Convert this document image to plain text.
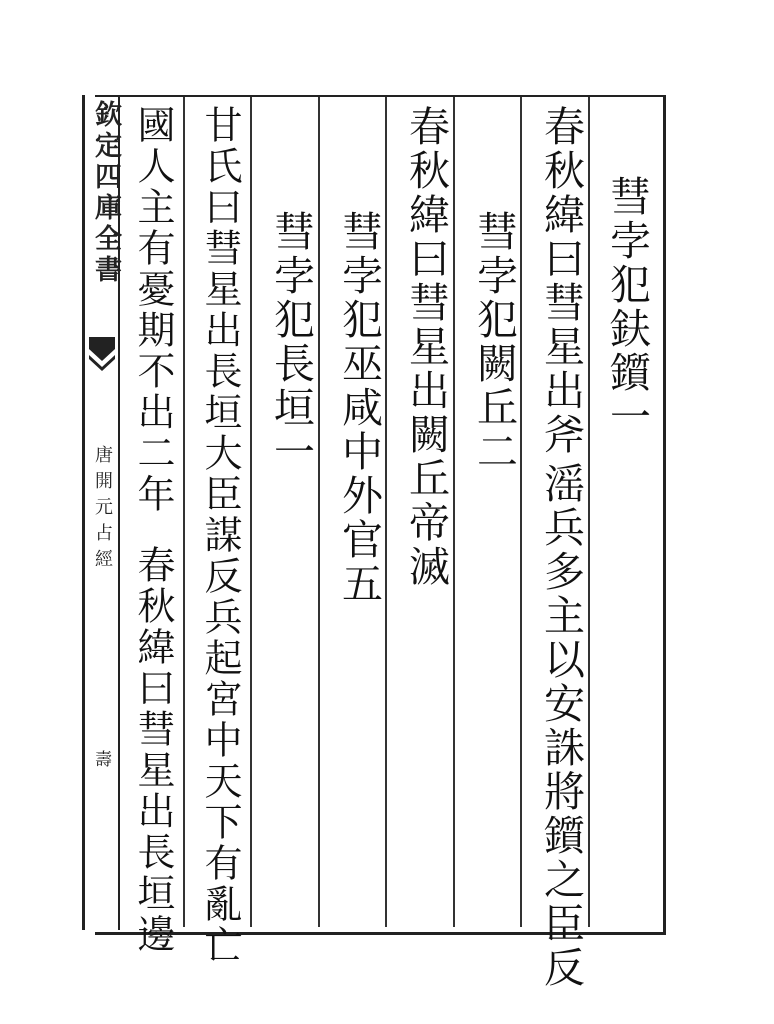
欽定四庫全書
唐開元占經
壽
彗孛犯鈇鑕一
春秋緯曰彗星出斧
滛兵多主以安誅將鑕之臣反
彗孛犯闕丘二
春秋緯曰彗星出闕丘帝滅
彗孛犯巫咸中外官五
彗孛犯長垣一
甘氏曰彗星出長垣大臣謀反兵起宮中天下有亂亡
國人主有憂期不出二年
春秋緯曰彗星出長垣邊
